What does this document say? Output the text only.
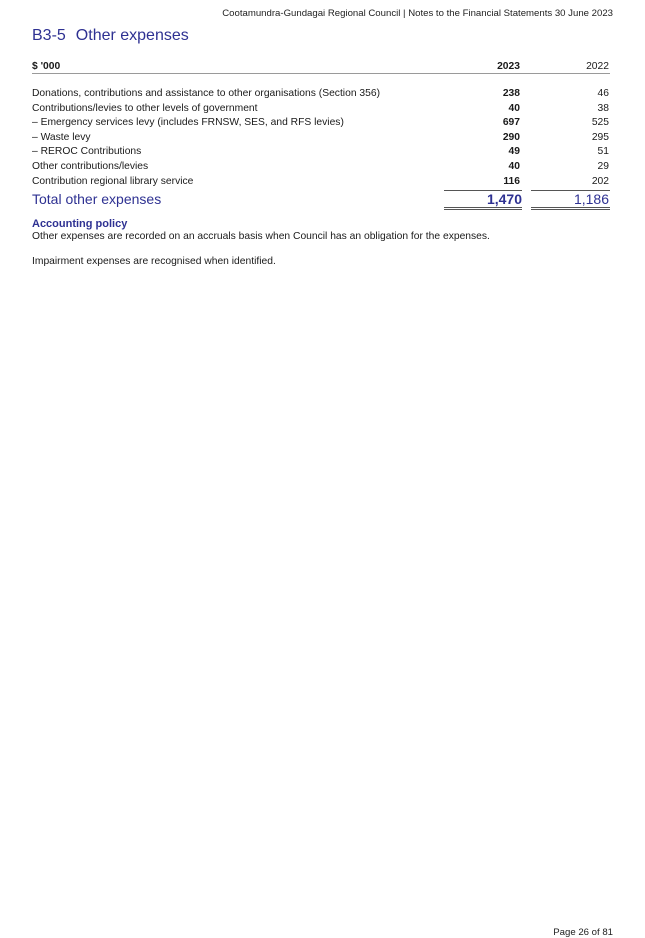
Cootamundra-Gundagai Regional Council | Notes to the Financial Statements 30 June 2023
B3-5 Other expenses
$ '000	2023	2022
Donations, contributions and assistance to other organisations (Section 356)	238	46
Contributions/levies to other levels of government	40	38
– Emergency services levy (includes FRNSW, SES, and RFS levies)	697	525
– Waste levy	290	295
– REROC Contributions	49	51
Other contributions/levies	40	29
Contribution regional library service	116	202
Total other expenses	1,470	1,186
Accounting policy
Other expenses are recorded on an accruals basis when Council has an obligation for the expenses.
Impairment expenses are recognised when identified.
Page 26 of 81
